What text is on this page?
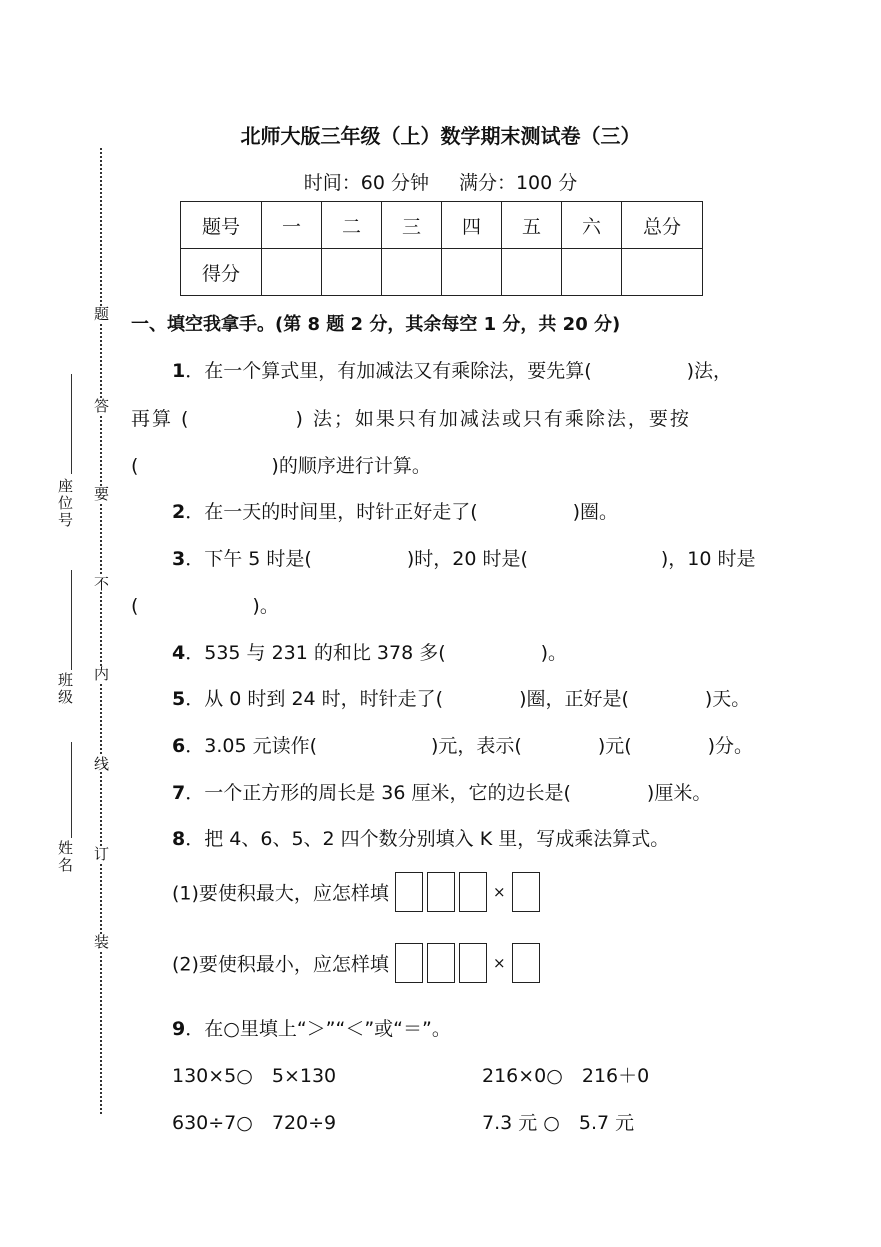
题
答
要
不
内
线
订
装
座位号
班级
姓名
北师大版三年级（上）数学期末测试卷（三）
时间：60 分钟 满分：100 分
题号	一	二	三	四	五	六	总分
得分							
一、填空我拿手。(第 8 题 2 分，其余每空 1 分，共 20 分)
1．在一个算式里，有加减法又有乘除法，要先算(　　　　　)法，
再算 (　　　　　) 法；如果只有加减法或只有乘除法，要按
(　　　　　　　)的顺序进行计算。
2．在一天的时间里，时针正好走了(　　　　　)圈。
3．下午 5 时是(　　　　　)时，20 时是(　　　　　　　)，10 时是
(　　　　　　)。
4．535 与 231 的和比 378 多(　　　　　)。
5．从 0 时到 24 时，时针走了(　　　　)圈，正好是(　　　　)天。
6．3.05 元读作(　　　　　　)元，表示(　　　　)元(　　　　)分。
7．一个正方形的周长是 36 厘米，它的边长是(　　　　)厘米。
8．把 4、6、5、2 四个数分别填入 K 里，写成乘法算式。
(1)要使积最大，应怎样填	×
(2)要使积最小，应怎样填	×
9．在○里填上“＞”“＜”或“＝”。
130×5○　5×130	216×0○　216＋0
630÷7○　720÷9	7.3 元 ○　5.7 元
